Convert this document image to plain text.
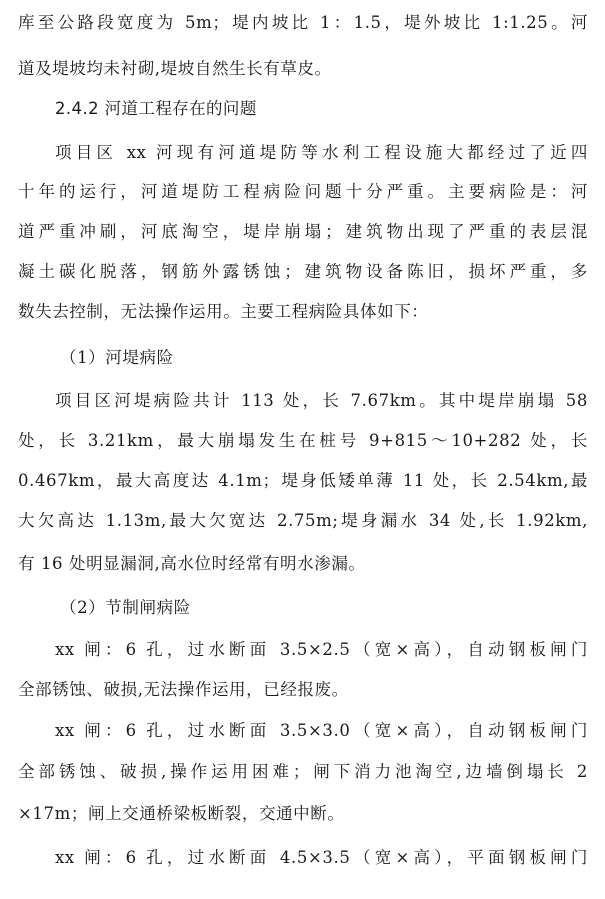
库至公路段宽度为 5m；堤内坡比 1：1.5，堤外坡比 1:1.25。河
道及堤坡均未衬砌,堤坡自然生长有草皮。
2.4.2 河道工程存在的问题
项目区 xx 河现有河道堤防等水利工程设施大都经过了近四
十年的运行，河道堤防工程病险问题十分严重。主要病险是：河
道严重冲刷，河底淘空，堤岸崩塌；建筑物出现了严重的表层混
凝土碳化脱落，钢筋外露锈蚀；建筑物设备陈旧，损坏严重，多
数失去控制，无法操作运用。主要工程病险具体如下：
（1）河堤病险
项目区河堤病险共计 113 处，长 7.67km。其中堤岸崩塌 58
处，长 3.21km，最大崩塌发生在桩号 9+815～10+282 处，长
0.467km，最大高度达 4.1m；堤身低矮单薄 11 处，长 2.54km,最
大欠高达 1.13m,最大欠宽达 2.75m;堤身漏水 34 处,长 1.92km,
有 16 处明显漏洞,高水位时经常有明水渗漏。
（2）节制闸病险
xx 闸：6 孔，过水断面 3.5×2.5（宽×高），自动钢板闸门
全部锈蚀、破损,无法操作运用，已经报废。
xx 闸：6 孔，过水断面 3.5×3.0（宽×高），自动钢板闸门
全部锈蚀、破损,操作运用困难；闸下消力池淘空,边墙倒塌长 2
×17m；闸上交通桥梁板断裂，交通中断。
xx 闸：6 孔，过水断面 4.5×3.5（宽×高），平面钢板闸门
